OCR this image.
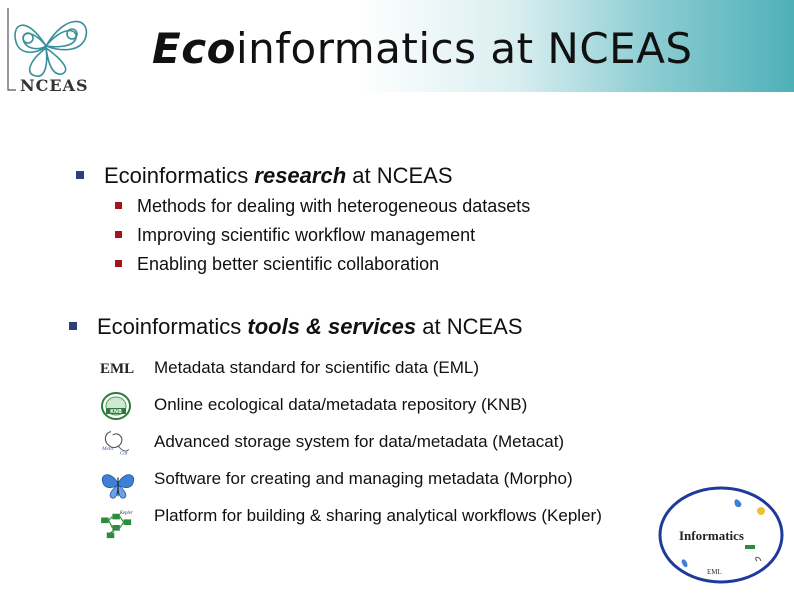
NCEAS
Ecoinformatics at NCEAS
Ecoinformatics research at NCEAS
Methods for dealing with heterogeneous datasets
Improving scientific workflow management
Enabling better scientific collaboration
Ecoinformatics tools & services at NCEAS
EML Metadata standard for scientific data (EML)
KNB Online ecological data/metadata repository (KNB)
Meta
Cat
Advanced storage system for data/metadata (Metacat)
Software for creating and managing metadata (Morpho)
Kepler Platform for building & sharing analytical workflows (Kepler)
Informatics
EML
